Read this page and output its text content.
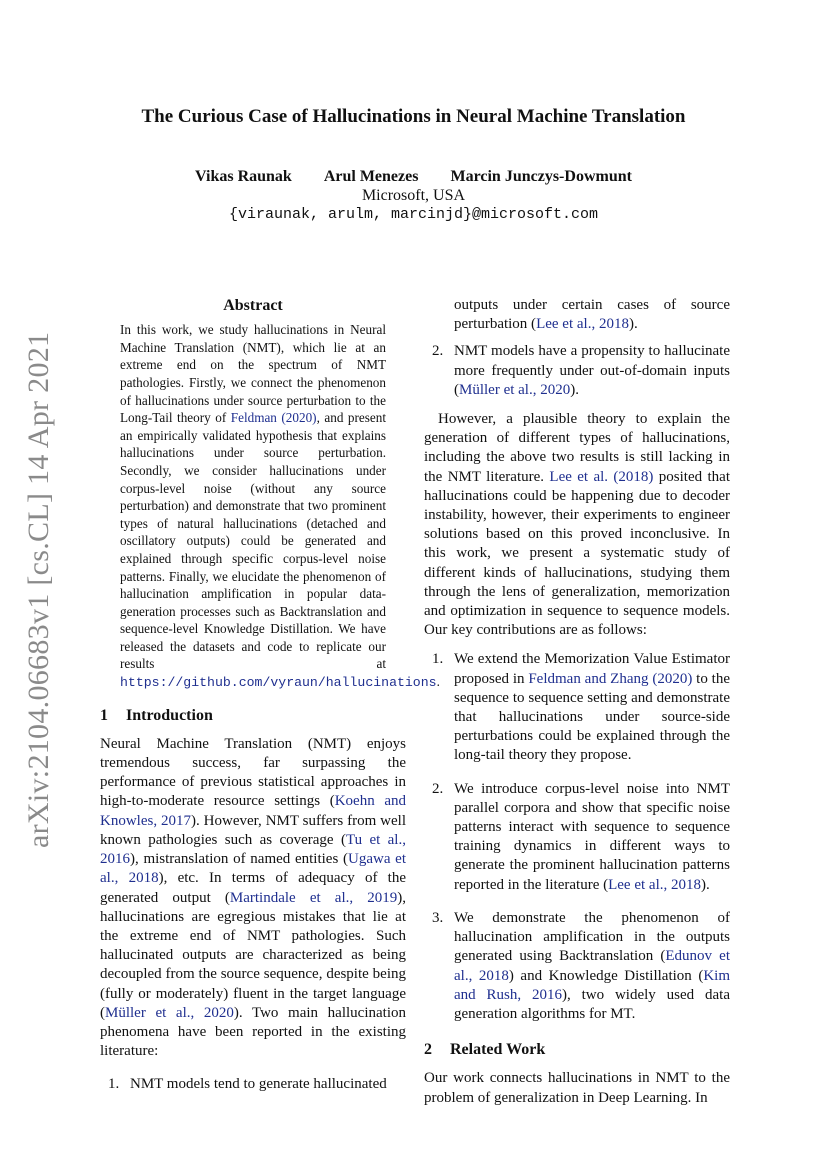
arXiv:2104.06683v1 [cs.CL] 14 Apr 2021
The Curious Case of Hallucinations in Neural Machine Translation
Vikas Raunak Arul Menezes Marcin Junczys-Dowmunt
Microsoft, USA
{viraunak, arulm, marcinjd}@microsoft.com
Abstract

In this work, we study hallucinations in Neural Machine Translation (NMT), which lie at an extreme end on the spectrum of NMT pathologies. Firstly, we connect the phenomenon of hallucinations under source perturbation to the Long-Tail theory of Feldman (2020), and present an empirically validated hypothesis that explains hallucinations under source perturbation. Secondly, we consider hallucinations under corpus-level noise (without any source perturbation) and demonstrate that two prominent types of natural hallucinations (detached and oscillatory outputs) could be generated and explained through specific corpus-level noise patterns. Finally, we elucidate the phenomenon of hallucination amplification in popular data-generation processes such as Backtranslation and sequence-level Knowledge Distillation. We have released the datasets and code to replicate our results at https://github.com/vyraun/hallucinations.

1 Introduction

Neural Machine Translation (NMT) enjoys tremendous success, far surpassing the performance of previous statistical approaches in high-to-moderate resource settings (Koehn and Knowles, 2017). However, NMT suffers from well known pathologies such as coverage (Tu et al., 2016), mistranslation of named entities (Ugawa et al., 2018), etc. In terms of adequacy of the generated output (Martindale et al., 2019), hallucinations are egregious mistakes that lie at the extreme end of NMT pathologies. Such hallucinated outputs are characterized as being decoupled from the source sequence, despite being (fully or moderately) fluent in the target language (Müller et al., 2020). Two main hallucination phenomena have been reported in the existing literature:

1. NMT models tend to generate hallucinated
outputs under certain cases of source perturbation (Lee et al., 2018).
2. NMT models have a propensity to hallucinate more frequently under out-of-domain inputs (Müller et al., 2020).

However, a plausible theory to explain the generation of different types of hallucinations, including the above two results is still lacking in the NMT literature. Lee et al. (2018) posited that hallucinations could be happening due to decoder instability, however, their experiments to engineer solutions based on this proved inconclusive. In this work, we present a systematic study of different kinds of hallucinations, studying them through the lens of generalization, memorization and optimization in sequence to sequence models. Our key contributions are as follows:

1. We extend the Memorization Value Estimator proposed in Feldman and Zhang (2020) to the sequence to sequence setting and demonstrate that hallucinations under source-side perturbations could be explained through the long-tail theory they propose.
2. We introduce corpus-level noise into NMT parallel corpora and show that specific noise patterns interact with sequence to sequence training dynamics in different ways to generate the prominent hallucination patterns reported in the literature (Lee et al., 2018).
3. We demonstrate the phenomenon of hallucination amplification in the outputs generated using Backtranslation (Edunov et al., 2018) and Knowledge Distillation (Kim and Rush, 2016), two widely used data generation algorithms for MT.
2 Related Work

Our work connects hallucinations in NMT to the problem of generalization in Deep Learning. In
